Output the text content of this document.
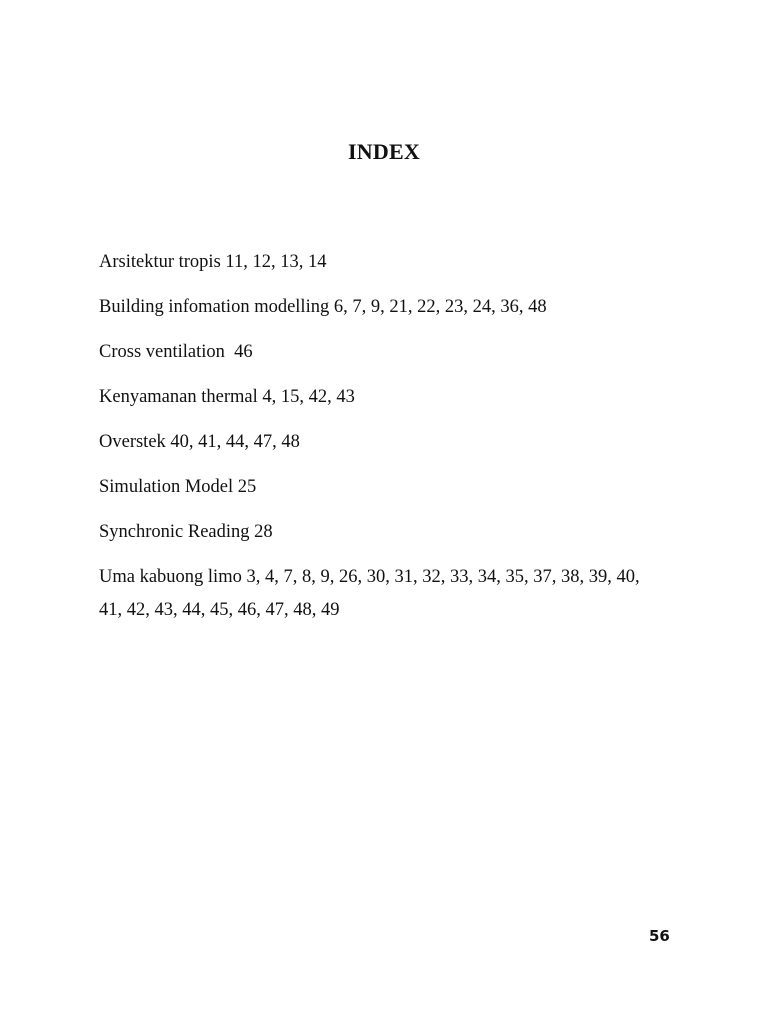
INDEX
Arsitektur tropis 11, 12, 13, 14
Building infomation modelling 6, 7, 9, 21, 22, 23, 24, 36, 48
Cross ventilation  46
Kenyamanan thermal 4, 15, 42, 43
Overstek 40, 41, 44, 47, 48
Simulation Model 25
Synchronic Reading 28
Uma kabuong limo 3, 4, 7, 8, 9, 26, 30, 31, 32, 33, 34, 35, 37, 38, 39, 40, 41, 42, 43, 44, 45, 46, 47, 48, 49
56
